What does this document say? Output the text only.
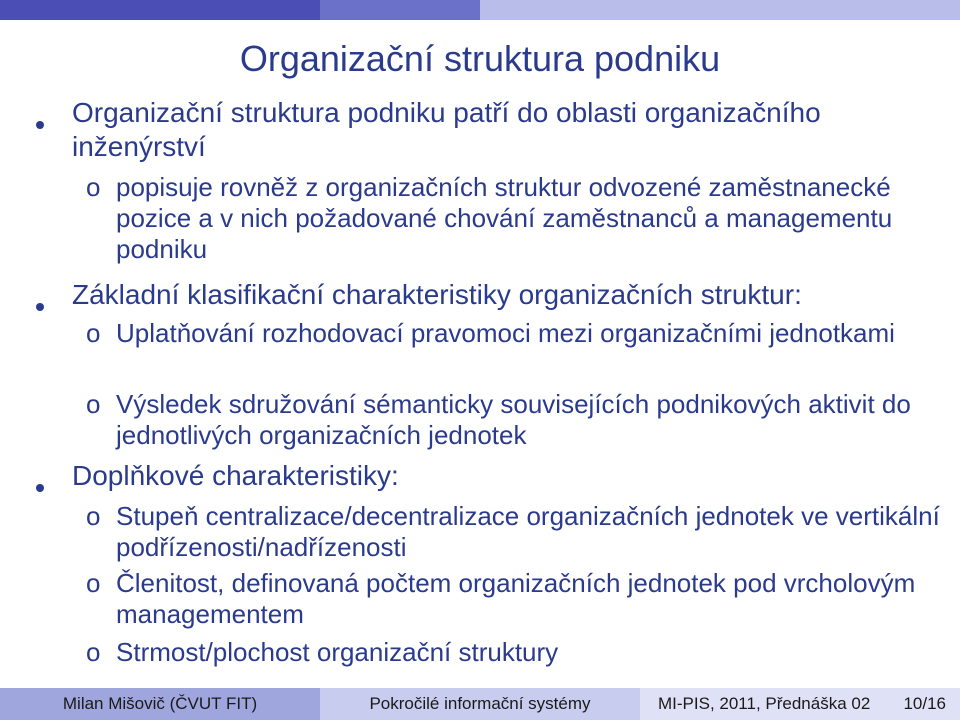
Organizační struktura podniku
Organizační struktura podniku patří do oblasti organizačního inženýrství
o popisuje rovněž z organizačních struktur odvozené zaměstnanecké pozice a v nich požadované chování zaměstnanců a managementu podniku
Základní klasifikační charakteristiky organizačních struktur:
o Uplatňování rozhodovací pravomoci mezi organizačními jednotkami
o Výsledek sdružování sémanticky souvisejících podnikových aktivit do jednotlivých organizačních jednotek
Doplňkové charakteristiky:
o Stupeň centralizace/decentralizace organizačních jednotek ve vertikální podřízenosti/nadřízenosti
o Členitost, definovaná počtem organizačních jednotek pod vrcholovým managementem
o Strmost/plochost organizační struktury
Milan Mišovič (ČVUT FIT)	Pokročilé informační systémy	MI-PIS, 2011, Přednáška 02 10/16
